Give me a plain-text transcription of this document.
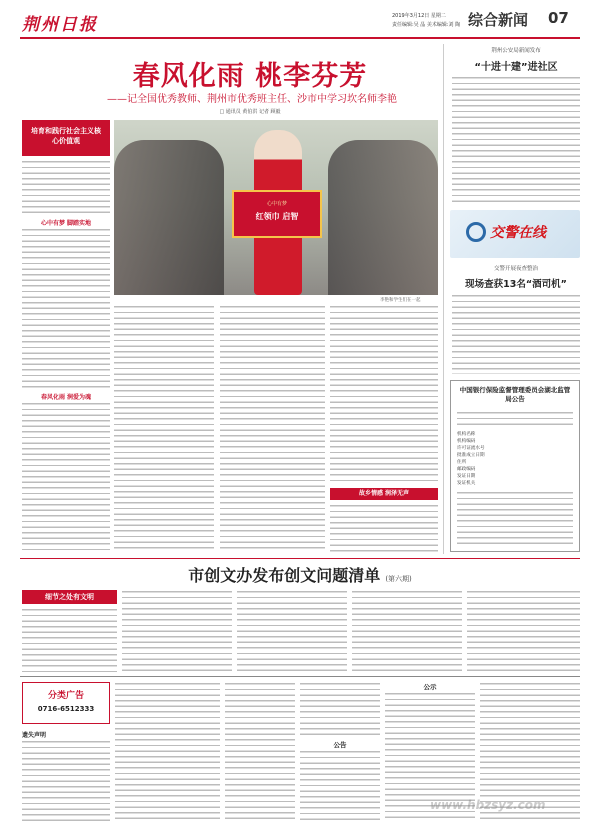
荆州日报	2019年3月12日 星期二
责任编辑:吴 晶 美术编辑:刘 陶 综合新闻 07
春风化雨 桃李芬芳
——记全国优秀教师、荆州市优秀班主任、沙市中学习坎名师李艳
□ 通讯员 黄伯洪 记者 顾毅
培育和践行社会主义核心价值观
心中有梦 脚踏实地
春风化雨 润爱为魂
心中有梦
红领巾 启智
李艳和学生们在一起
故乡情感 润泽无声
荆州公安局新闻发布
“十进十建”进社区
交警在线
交警开展夜查整治
现场查获13名“酒司机”
中国银行保险监督管理委员会湖北监管局公告
机构名称
机构编码
许可证流水号
批准成立日期
住所
邮政编码
发证日期
发证机关
市创文办发布创文问题清单 (第六期)
细节之处有文明
分类广告
0716-6512333
遗失声明
公告
公示
www.hbzsyz.com
